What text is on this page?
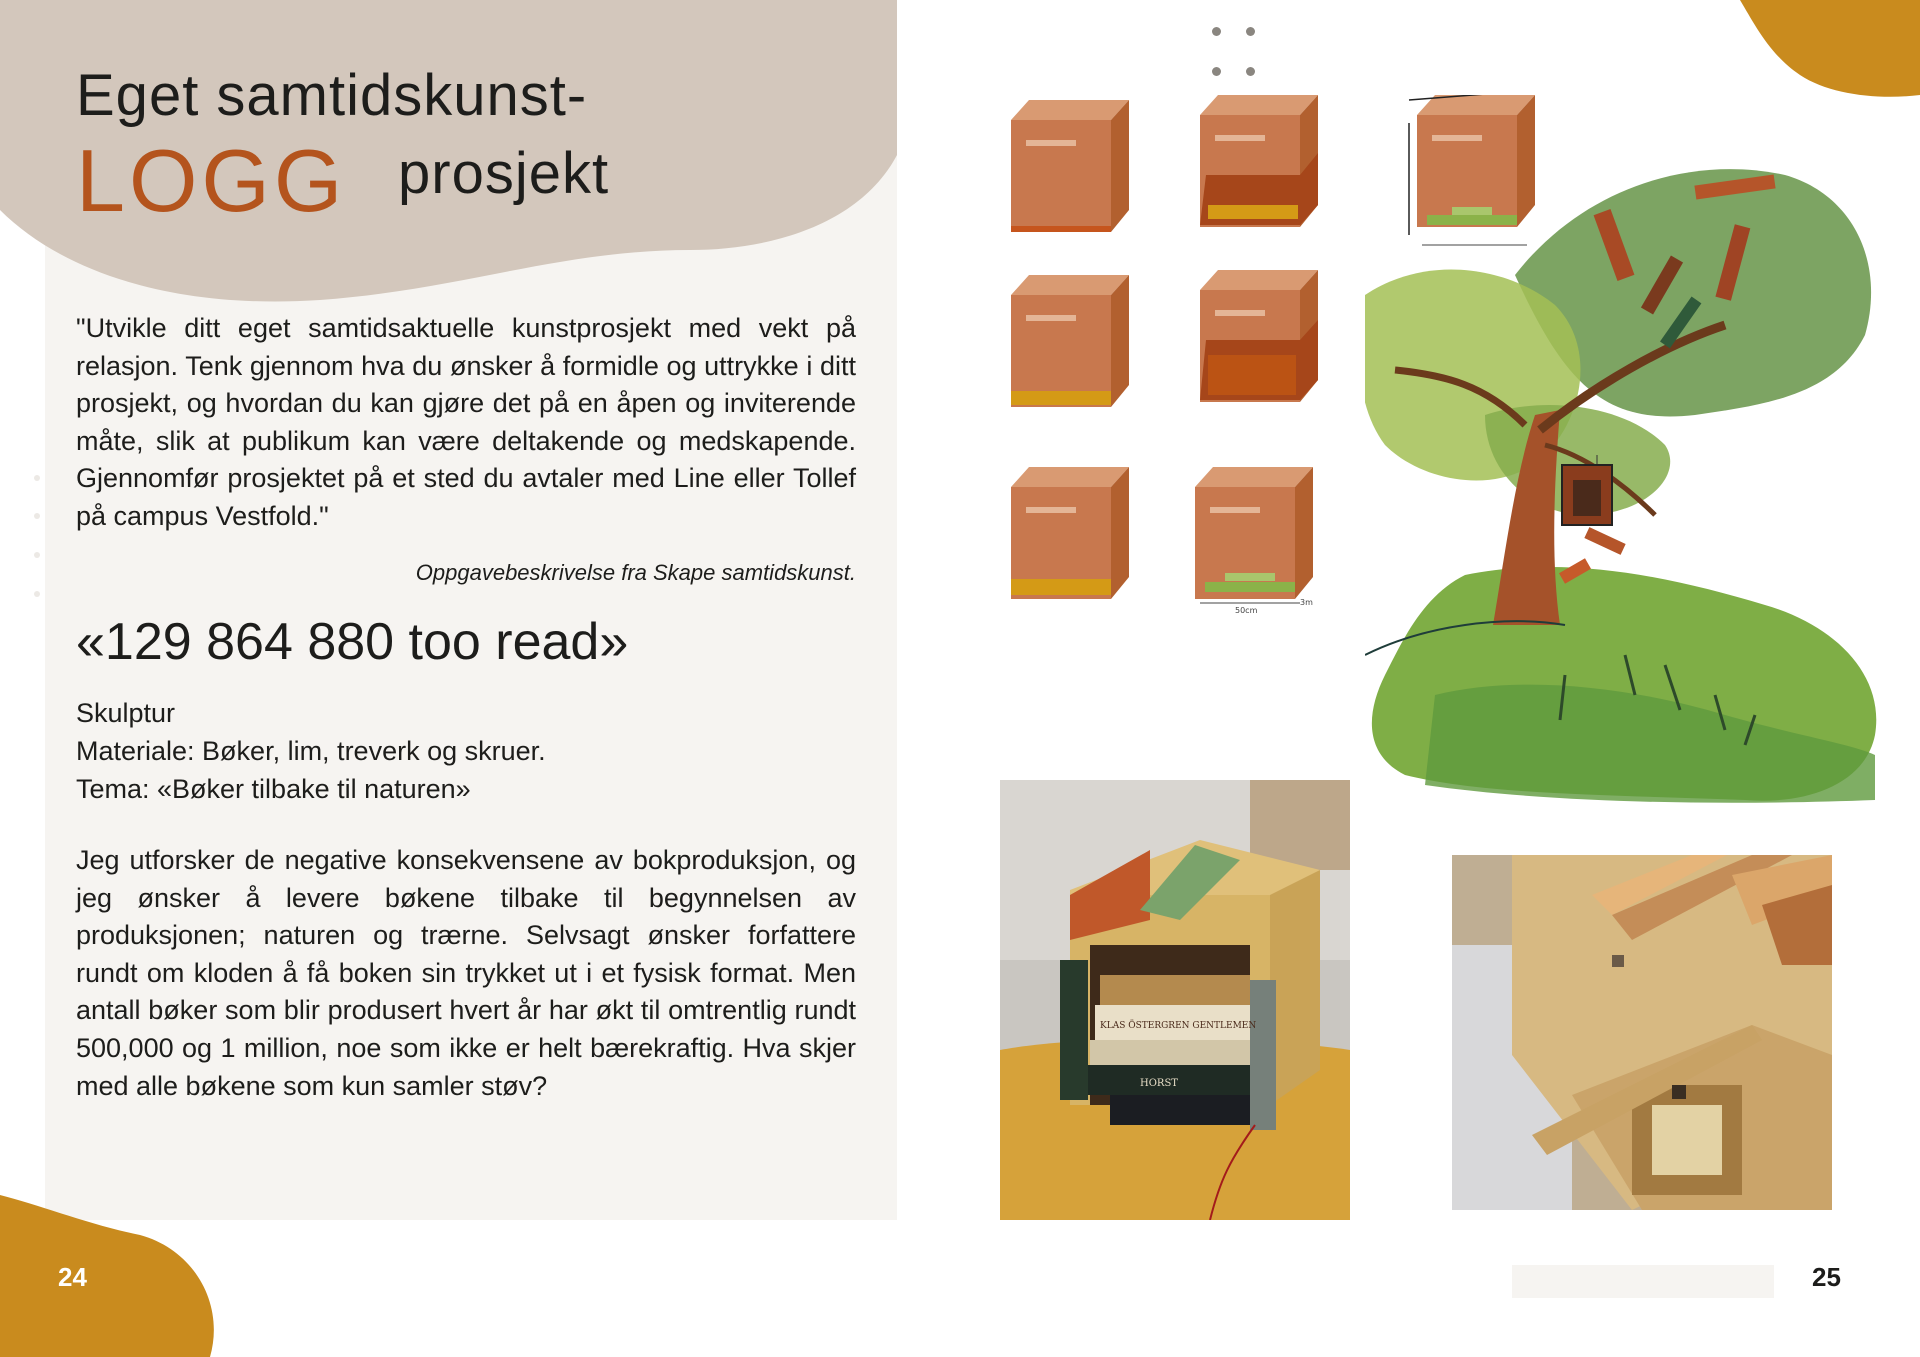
Eget samtidskunst-
LOGG prosjekt

"Utvikle ditt eget samtidsaktuelle kunstprosjekt med vekt på relasjon. Tenk gjennom hva du ønsker å formidle og uttrykke i ditt prosjekt, og hvordan du kan gjøre det på en åpen og inviterende måte, slik at publikum kan være deltakende og medskapende. Gjennomfør prosjektet på et sted du avtaler med Line eller Tollef på campus Vestfold."

Oppgavebeskrivelse fra Skape samtidskunst.
«129 864 880 too read»
Skulptur
Materiale: Bøker, lim, treverk og skruer.
Tema: «Bøker tilbake til naturen»

Jeg utforsker de negative konsekvensene av bokproduksjon, og jeg ønsker å levere bøkene tilbake til begynnelsen av produksjonen; naturen og trærne. Selvsagt ønsker forfattere rundt om kloden å få boken sin trykket ut i et fysisk format. Men antall bøker som blir produsert hvert år har økt til omtrentlig rundt 500,000 og 1 million, noe som ikke er helt bærekraftig. Hva skjer med alle bøkene som kun samler støv?

24
50cm
3m
KLAS ÖSTERGREN GENTLEMEN
HORST
25
